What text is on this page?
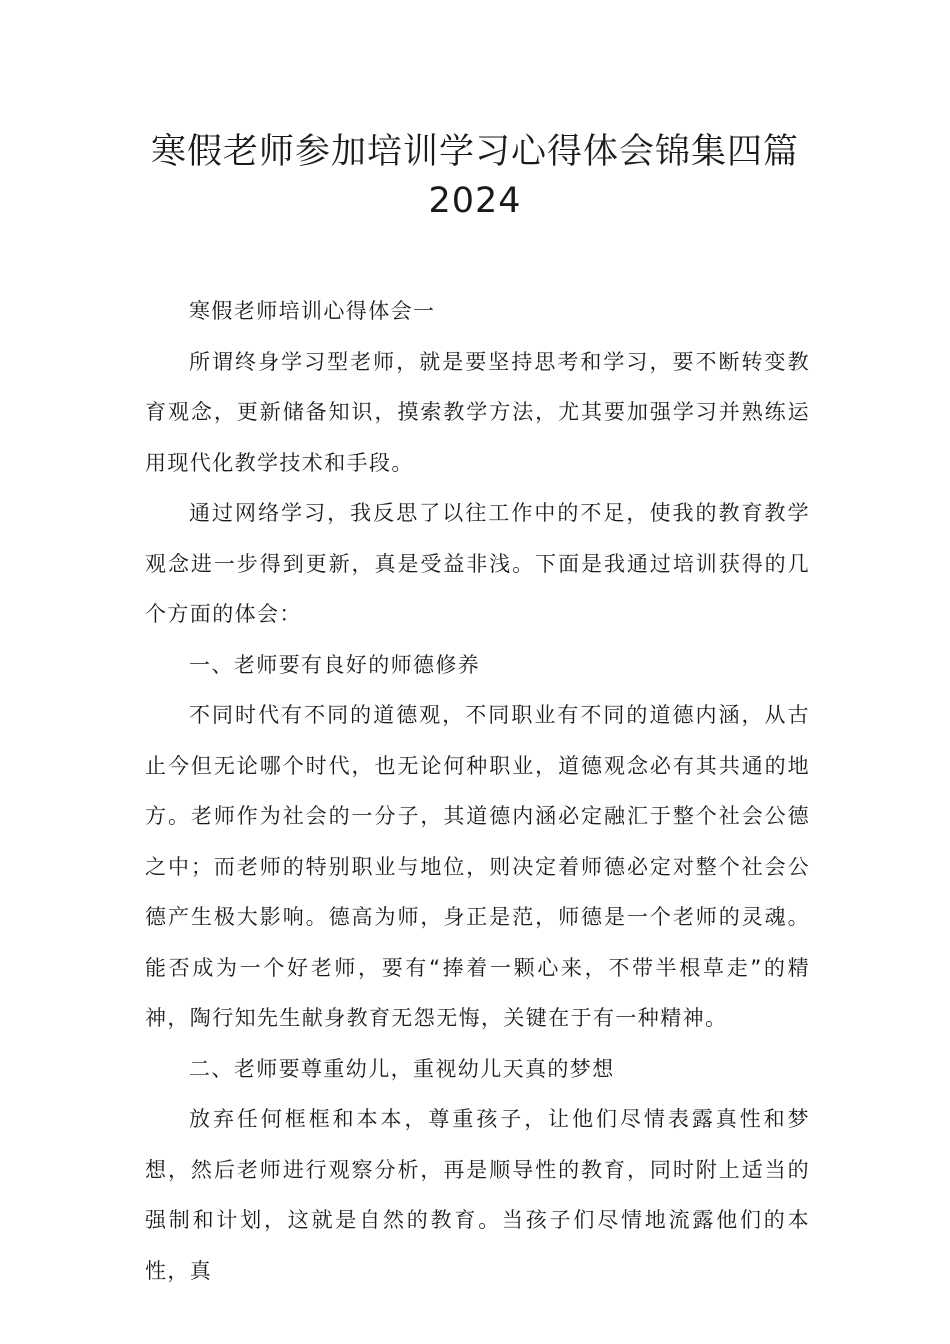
寒假老师参加培训学习心得体会锦集四篇2024

寒假老师培训心得体会一

所谓终身学习型老师，就是要坚持思考和学习，要不断转变教育观念，更新储备知识，摸索教学方法，尤其要加强学习并熟练运用现代化教学技术和手段。

通过网络学习，我反思了以往工作中的不足，使我的教育教学观念进一步得到更新，真是受益非浅。下面是我通过培训获得的几个方面的体会：

一、老师要有良好的师德修养

不同时代有不同的道德观，不同职业有不同的道德内涵，从古止今但无论哪个时代，也无论何种职业，道德观念必有其共通的地方。老师作为社会的一分子，其道德内涵必定融汇于整个社会公德之中；而老师的特别职业与地位，则决定着师德必定对整个社会公德产生极大影响。德高为师，身正是范，师德是一个老师的灵魂。能否成为一个好老师，要有“捧着一颗心来，不带半根草走”的精神，陶行知先生献身教育无怨无悔，关键在于有一种精神。

二、老师要尊重幼儿，重视幼儿天真的梦想

放弃任何框框和本本，尊重孩子，让他们尽情表露真性和梦想，然后老师进行观察分析，再是顺导性的教育，同时附上适当的强制和计划，这就是自然的教育。当孩子们尽情地流露他们的本性，真
